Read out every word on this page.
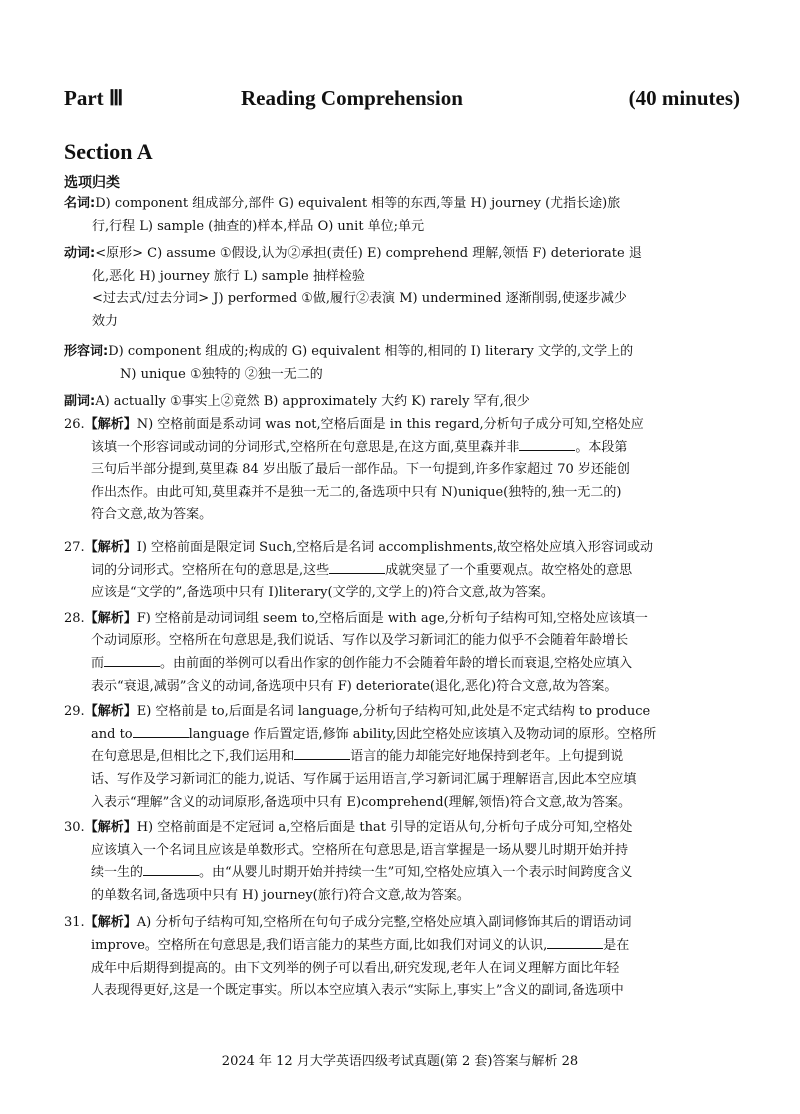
Part Ⅲ	Reading Comprehension	(40 minutes)
Section A
选项归类
名词:D) component 组成部分,部件 G) equivalent 相等的东西,等量 H) journey (尤指长途)旅
行,行程 L) sample (抽查的)样本,样品 O) unit 单位;单元
动词:<原形> C) assume ①假设,认为②承担(责任) E) comprehend 理解,领悟 F) deteriorate 退
化,恶化 H) journey 旅行 L) sample 抽样检验
<过去式/过去分词> J) performed ①做,履行②表演 M) undermined 逐渐削弱,使逐步减少
效力
形容词:D) component 组成的;构成的 G) equivalent 相等的,相同的 I) literary 文学的,文学上的
N) unique ①独特的 ②独一无二的
副词:A) actually ①事实上②竟然 B) approximately 大约 K) rarely 罕有,很少
26.【解析】N) 空格前面是系动词 was not,空格后面是 in this regard,分析句子成分可知,空格处应
该填一个形容词或动词的分词形式,空格所在句意思是,在这方面,莫里森并非	。本段第
三句后半部分提到,莫里森 84 岁出版了最后一部作品。下一句提到,许多作家超过 70 岁还能创
作出杰作。由此可知,莫里森并不是独一无二的,备选项中只有 N)unique(独特的,独一无二的)
符合文意,故为答案。
27.【解析】I) 空格前面是限定词 Such,空格后是名词 accomplishments,故空格处应填入形容词或动
词的分词形式。空格所在句的意思是,这些	成就突显了一个重要观点。故空格处的意思
应该是“文学的”,备选项中只有 I)literary(文学的,文学上的)符合文意,故为答案。
28.【解析】F) 空格前是动词词组 seem to,空格后面是 with age,分析句子结构可知,空格处应该填一
个动词原形。空格所在句意思是,我们说话、写作以及学习新词汇的能力似乎不会随着年龄增长
而	。由前面的举例可以看出作家的创作能力不会随着年龄的增长而衰退,空格处应填入
表示“衰退,减弱”含义的动词,备选项中只有 F) deteriorate(退化,恶化)符合文意,故为答案。
29.【解析】E) 空格前是 to,后面是名词 language,分析句子结构可知,此处是不定式结构 to produce
and to	language 作后置定语,修饰 ability,因此空格处应该填入及物动词的原形。空格所
在句意思是,但相比之下,我们运用和	语言的能力却能完好地保持到老年。上句提到说
话、写作及学习新词汇的能力,说话、写作属于运用语言,学习新词汇属于理解语言,因此本空应填
入表示“理解”含义的动词原形,备选项中只有 E)comprehend(理解,领悟)符合文意,故为答案。
30.【解析】H) 空格前面是不定冠词 a,空格后面是 that 引导的定语从句,分析句子成分可知,空格处
应该填入一个名词且应该是单数形式。空格所在句意思是,语言掌握是一场从婴儿时期开始并持
续一生的	。由“从婴儿时期开始并持续一生”可知,空格处应填入一个表示时间跨度含义
的单数名词,备选项中只有 H) journey(旅行)符合文意,故为答案。
31.【解析】A) 分析句子结构可知,空格所在句句子成分完整,空格处应填入副词修饰其后的谓语动词
improve。空格所在句意思是,我们语言能力的某些方面,比如我们对词义的认识,	是在
成年中后期得到提高的。由下文列举的例子可以看出,研究发现,老年人在词义理解方面比年轻
人表现得更好,这是一个既定事实。所以本空应填入表示“实际上,事实上”含义的副词,备选项中
2024 年 12 月大学英语四级考试真题(第 2 套)答案与解析 28
